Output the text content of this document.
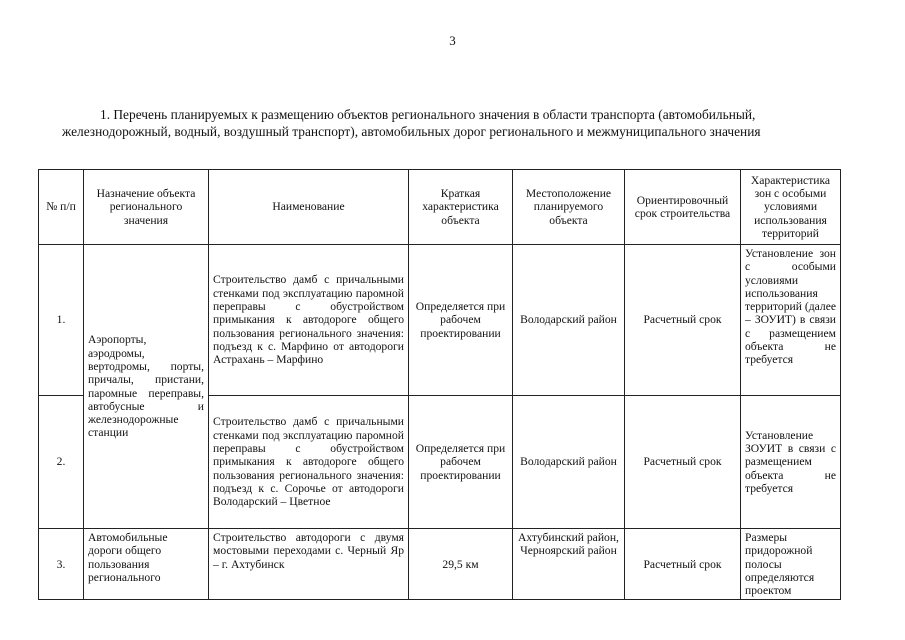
3
1. Перечень планируемых к размещению объектов регионального значения в области транспорта (автомобильный, железнодорожный, водный, воздушный транспорт), автомобильных дорог регионального и межмуниципального значения
№ п/п	Назначение объекта регионального значения	Наименование	Краткая характеристика объекта	Местоположение планируемого объекта	Ориентировочный срок строительства	Характеристика зон с особыми условиями использования территорий
1.	Аэропорты, аэродромы, вертодромы, порты, причалы, пристани, паромные переправы, автобусные и железнодорожные станции	Строительство дамб с причальными стенками под эксплуатацию паромной переправы с обустройством примыкания к автодороге общего пользования регионального значения: подъезд к с. Марфино от автодороги Астрахань – Марфино	Определяется при рабочем проектировании	Володарский район	Расчетный срок	Установление зон с особыми условиями использования территорий (далее – ЗОУИТ) в связи с размещением объекта не требуется
2.		Строительство дамб с причальными стенками под эксплуатацию паромной переправы с обустройством примыкания к автодороге общего пользования регионального значения: подъезд к с. Сорочье от автодороги Володарский – Цветное	Определяется при рабочем проектировании	Володарский район	Расчетный срок	Установление ЗОУИТ в связи с размещением объекта не требуется
3.	Автомобильные дороги общего пользования регионального	Строительство автодороги с двумя мостовыми переходами с. Черный Яр – г. Ахтубинск	29,5 км	Ахтубинский район, Черноярский район	Расчетный срок	Размеры придорожной полосы определяются проектом
